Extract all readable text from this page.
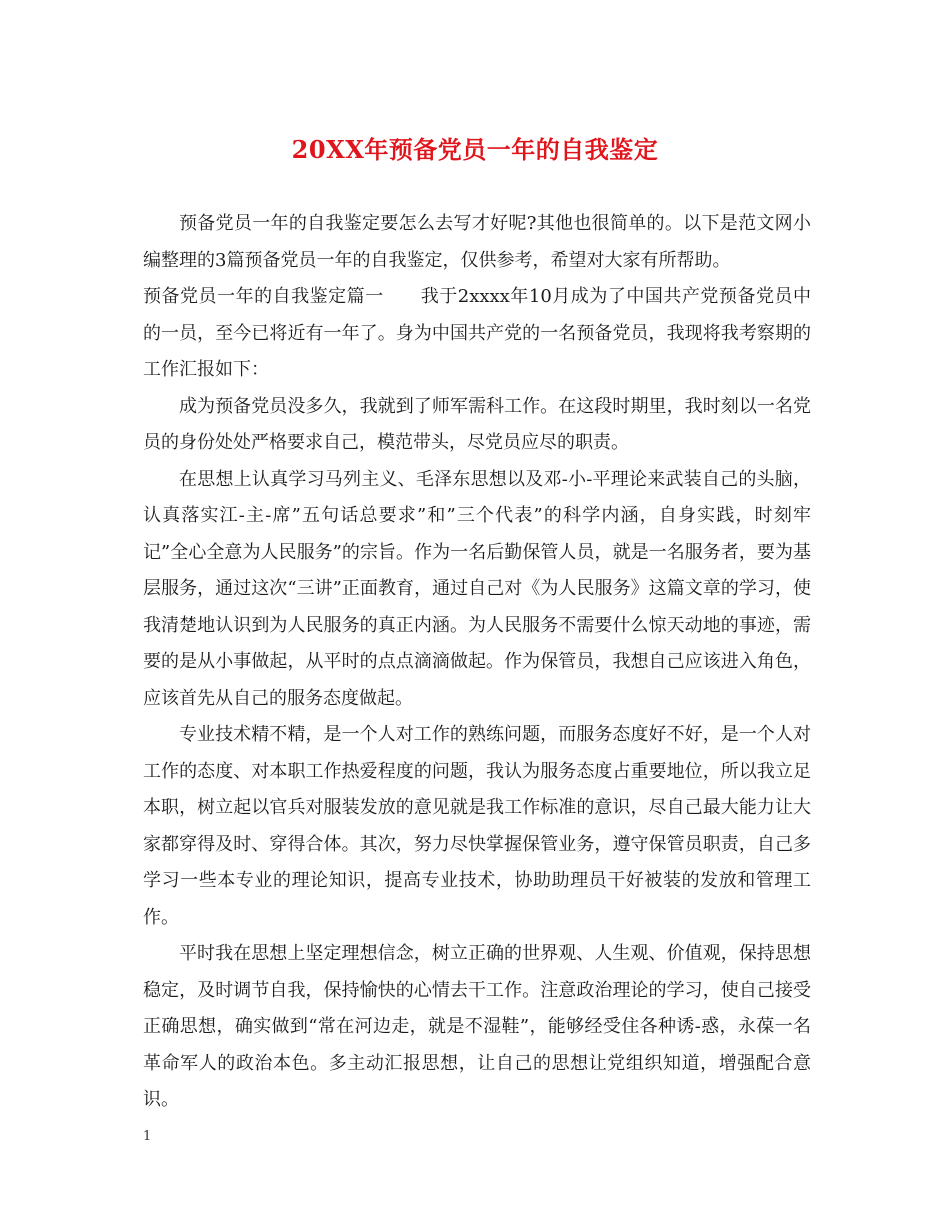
20XX年预备党员一年的自我鉴定

预备党员一年的自我鉴定要怎么去写才好呢?其他也很简单的。以下是范文网小编整理的3篇预备党员一年的自我鉴定，仅供参考，希望对大家有所帮助。

预备党员一年的自我鉴定篇一　　我于2xxxx年10月成为了中国共产党预备党员中的一员，至今已将近有一年了。身为中国共产党的一名预备党员，我现将我考察期的工作汇报如下：

成为预备党员没多久，我就到了师军需科工作。在这段时期里，我时刻以一名党员的身份处处严格要求自己，模范带头，尽党员应尽的职责。

在思想上认真学习马列主义、毛泽东思想以及邓-小-平理论来武装自己的头脑，认真落实江-主-席”五句话总要求”和”三个代表”的科学内涵，自身实践，时刻牢记”全心全意为人民服务”的宗旨。作为一名后勤保管人员，就是一名服务者，要为基层服务，通过这次“三讲”正面教育，通过自己对《为人民服务》这篇文章的学习，使我清楚地认识到为人民服务的真正内涵。为人民服务不需要什么惊天动地的事迹，需要的是从小事做起，从平时的点点滴滴做起。作为保管员，我想自己应该进入角色，应该首先从自己的服务态度做起。

专业技术精不精，是一个人对工作的熟练问题，而服务态度好不好，是一个人对工作的态度、对本职工作热爱程度的问题，我认为服务态度占重要地位，所以我立足本职，树立起以官兵对服装发放的意见就是我工作标准的意识，尽自己最大能力让大家都穿得及时、穿得合体。其次，努力尽快掌握保管业务，遵守保管员职责，自己多学习一些本专业的理论知识，提高专业技术，协助助理员干好被装的发放和管理工作。

平时我在思想上坚定理想信念，树立正确的世界观、人生观、价值观，保持思想稳定，及时调节自我，保持愉快的心情去干工作。注意政治理论的学习，使自己接受正确思想，确实做到“常在河边走，就是不湿鞋”，能够经受住各种诱-惑，永葆一名革命军人的政治本色。多主动汇报思想，让自己的思想让党组织知道，增强配合意识。

1
